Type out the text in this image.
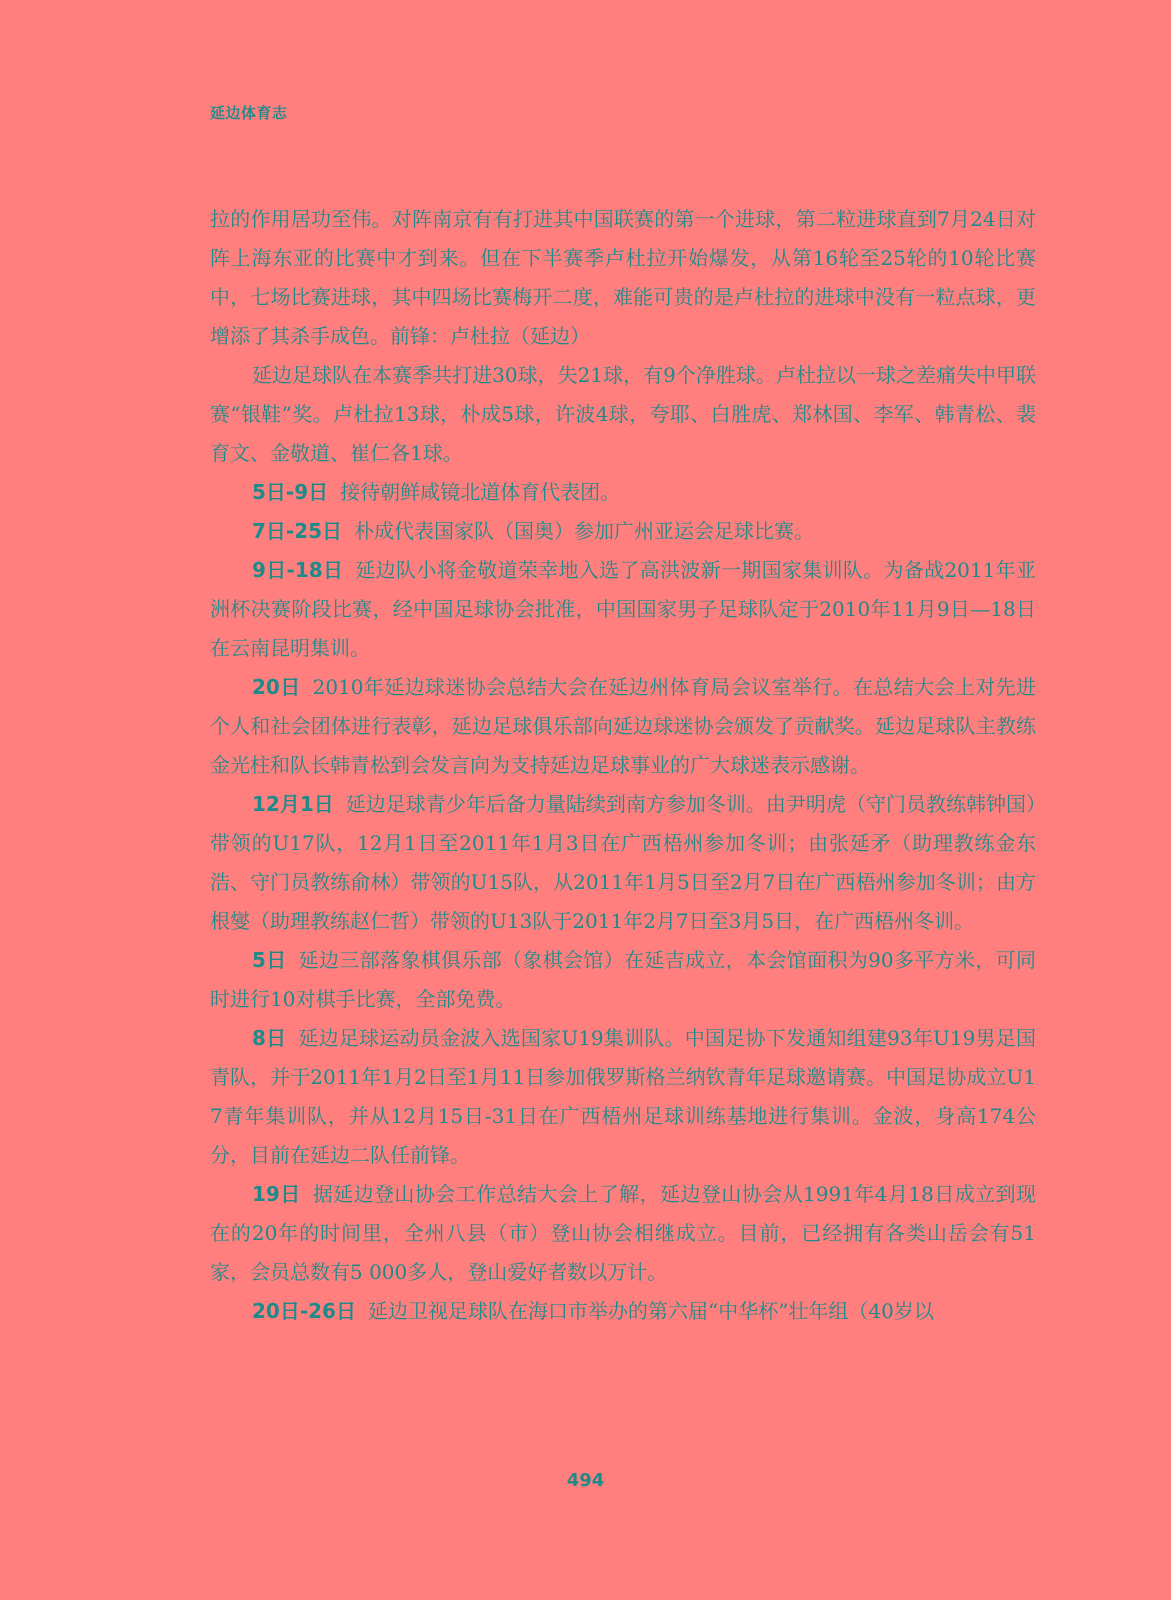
延边体育志

拉的作用居功至伟。对阵南京有有打进其中国联赛的第一个进球，第二粒进球直到7月24日对阵上海东亚的比赛中才到来。但在下半赛季卢杜拉开始爆发，从第16轮至25轮的10轮比赛中，七场比赛进球，其中四场比赛梅开二度，难能可贵的是卢杜拉的进球中没有一粒点球，更增添了其杀手成色。前锋：卢杜拉（延边）

延边足球队在本赛季共打进30球，失21球，有9个净胜球。卢杜拉以一球之差痛失中甲联赛“银鞋”奖。卢杜拉13球，朴成5球，许波4球，夸耶、白胜虎、郑林国、李军、韩青松、裴育文、金敬道、崔仁各1球。

5日-9日 接待朝鲜咸镜北道体育代表团。

7日-25日 朴成代表国家队（国奥）参加广州亚运会足球比赛。

9日-18日 延边队小将金敬道荣幸地入选了高洪波新一期国家集训队。为备战2011年亚洲杯决赛阶段比赛，经中国足球协会批准，中国国家男子足球队定于2010年11月9日—18日在云南昆明集训。

20日 2010年延边球迷协会总结大会在延边州体育局会议室举行。在总结大会上对先进个人和社会团体进行表彰，延边足球俱乐部向延边球迷协会颁发了贡献奖。延边足球队主教练金光柱和队长韩青松到会发言向为支持延边足球事业的广大球迷表示感谢。

12月1日 延边足球青少年后备力量陆续到南方参加冬训。由尹明虎（守门员教练韩钟国）带领的U17队，12月1日至2011年1月3日在广西梧州参加冬训；由张延矛（助理教练金东浩、守门员教练俞林）带领的U15队，从2011年1月5日至2月7日在广西梧州参加冬训；由方根燮（助理教练赵仁哲）带领的U13队于2011年2月7日至3月5日，在广西梧州冬训。

5日 延边三部落象棋俱乐部（象棋会馆）在延吉成立，本会馆面积为90多平方米，可同时进行10对棋手比赛，全部免费。

8日 延边足球运动员金波入选国家U19集训队。中国足协下发通知组建93年U19男足国青队，并于2011年1月2日至1月11日参加俄罗斯格兰纳钦青年足球邀请赛。中国足协成立U17青年集训队，并从12月15日-31日在广西梧州足球训练基地进行集训。金波，身高174公分，目前在延边二队任前锋。

19日 据延边登山协会工作总结大会上了解，延边登山协会从1991年4月18日成立到现在的20年的时间里，全州八县（市）登山协会相继成立。目前，已经拥有各类山岳会有51家，会员总数有5 000多人，登山爱好者数以万计。

20日-26日 延边卫视足球队在海口市举办的第六届“中华杯”壮年组（40岁以

494
